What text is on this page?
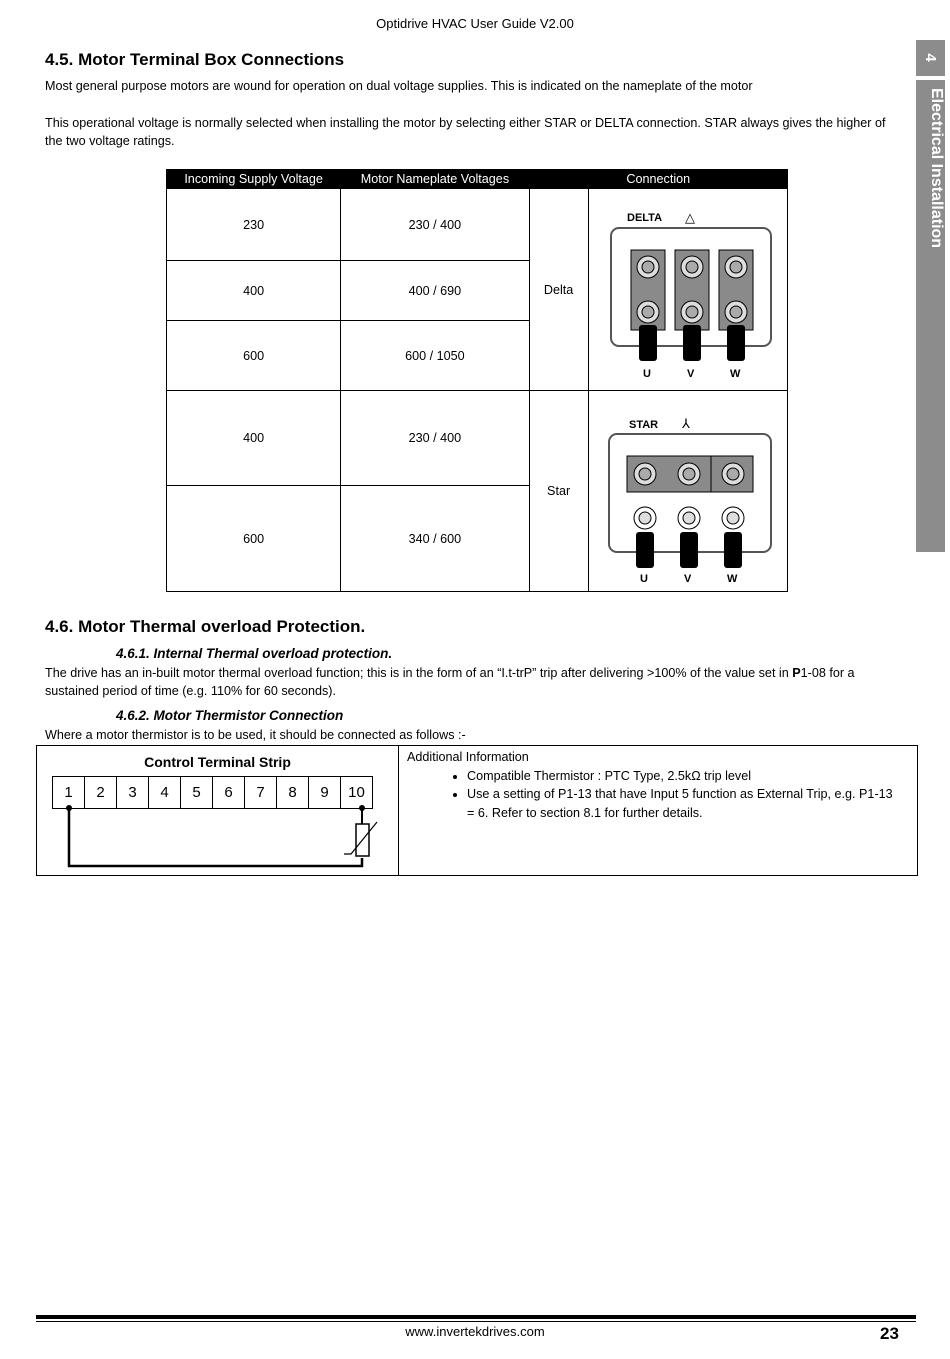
Optidrive HVAC User Guide V2.00
4
Electrical Installation
4.5. Motor Terminal Box Connections

Most general purpose motors are wound for operation on dual voltage supplies. This is indicated on the nameplate of the motor

This operational voltage is normally selected when installing the motor by selecting either STAR or DELTA connection. STAR always gives the higher of the two voltage ratings.

Incoming Supply Voltage	Motor Nameplate Voltages	Connection	
230	230 / 400	Delta	DELTA △
U V W

400	400 / 690		
600	600 / 1050		
400	230 / 400	Star	STAR ⅄
U V W

600	340 / 600		
4.6. Motor Thermal overload Protection.

4.6.1. Internal Thermal overload protection.

The drive has an in-built motor thermal overload function; this is in the form of an “I.t-trP” trip after delivering >100% of the value set in P1-08 for a sustained period of time (e.g. 110% for 60 seconds).

4.6.2. Motor Thermistor Connection

Where a motor thermistor is to be used, it should be connected as follows :-

Control Terminal Strip
1	2	3	4	5	6	7	8	9	10
Additional Information
• Compatible Thermistor : PTC Type, 2.5kΩ trip level
• Use a setting of P1-13 that have Input 5 function as External Trip, e.g. P1-13 = 6. Refer to section 8.1 for further details.
www.invertekdrives.com	23
